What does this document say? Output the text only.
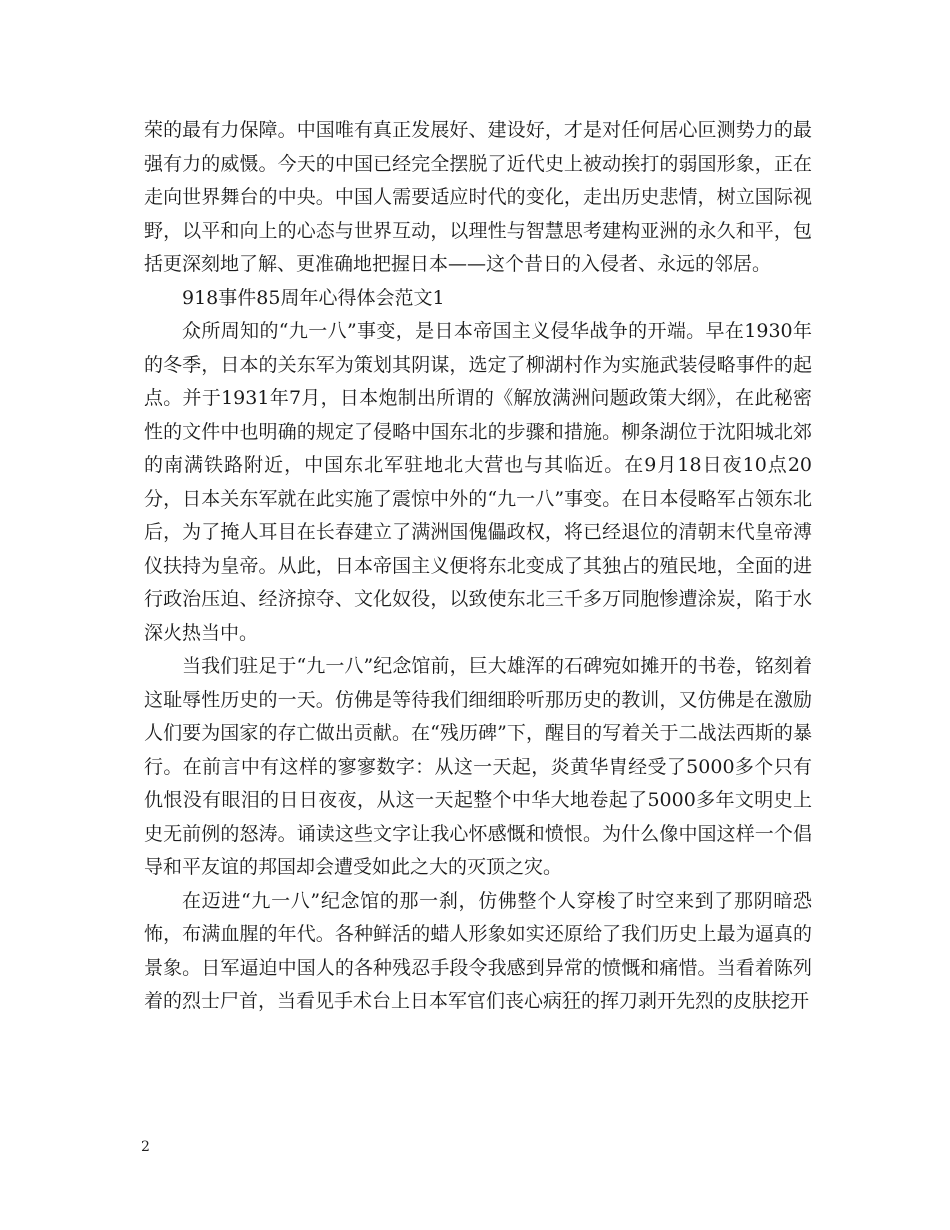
荣的最有力保障。中国唯有真正发展好、建设好，才是对任何居心叵测势力的最强有力的威慑。今天的中国已经完全摆脱了近代史上被动挨打的弱国形象，正在走向世界舞台的中央。中国人需要适应时代的变化，走出历史悲情，树立国际视野，以平和向上的心态与世界互动，以理性与智慧思考建构亚洲的永久和平，包括更深刻地了解、更准确地把握日本——这个昔日的入侵者、永远的邻居。

918事件85周年心得体会范文1

众所周知的“九一八”事变，是日本帝国主义侵华战争的开端。早在1930年的冬季，日本的关东军为策划其阴谋，选定了柳湖村作为实施武装侵略事件的起点。并于1931年7月，日本炮制出所谓的《解放满洲问题政策大纲》，在此秘密性的文件中也明确的规定了侵略中国东北的步骤和措施。柳条湖位于沈阳城北郊的南满铁路附近，中国东北军驻地北大营也与其临近。在9月18日夜10点20分，日本关东军就在此实施了震惊中外的“九一八”事变。在日本侵略军占领东北后，为了掩人耳目在长春建立了满洲国傀儡政权，将已经退位的清朝末代皇帝溥仪扶持为皇帝。从此，日本帝国主义便将东北变成了其独占的殖民地，全面的进行政治压迫、经济掠夺、文化奴役，以致使东北三千多万同胞惨遭涂炭，陷于水深火热当中。

当我们驻足于“九一八”纪念馆前，巨大雄浑的石碑宛如摊开的书卷，铭刻着这耻辱性历史的一天。仿佛是等待我们细细聆听那历史的教训，又仿佛是在激励人们要为国家的存亡做出贡献。在“残历碑”下，醒目的写着关于二战法西斯的暴行。在前言中有这样的寥寥数字：从这一天起，炎黄华胄经受了5000多个只有仇恨没有眼泪的日日夜夜，从这一天起整个中华大地卷起了5000多年文明史上史无前例的怒涛。诵读这些文字让我心怀感慨和愤恨。为什么像中国这样一个倡导和平友谊的邦国却会遭受如此之大的灭顶之灾。

在迈进“九一八”纪念馆的那一刹，仿佛整个人穿梭了时空来到了那阴暗恐怖，布满血腥的年代。各种鲜活的蜡人形象如实还原给了我们历史上最为逼真的景象。日军逼迫中国人的各种残忍手段令我感到异常的愤慨和痛惜。当看着陈列着的烈士尸首，当看见手术台上日本军官们丧心病狂的挥刀剥开先烈的皮肤挖开

2
